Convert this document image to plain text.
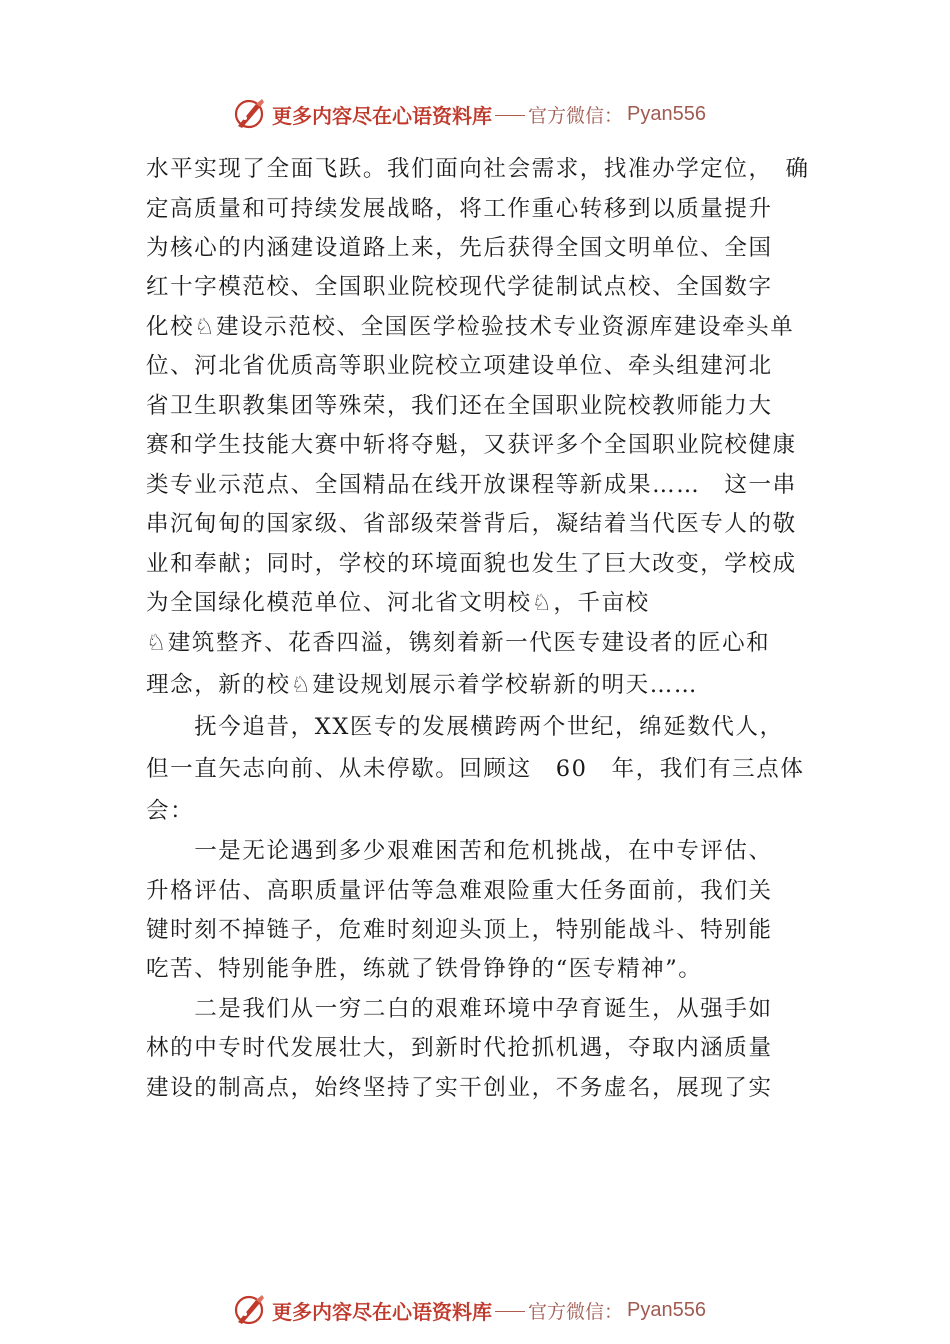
更多内容尽在心语资料库 官方微信： Pyan556
水平实现了全面飞跃。我们面向社会需求，找准办学定位，　确
定高质量和可持续发展战略，将工作重心转移到以质量提升
为核心的内涵建设道路上来，先后获得全国文明单位、全国
红十字模范校、全国职业院校现代学徒制试点校、全国数字
化校♘建设示范校、全国医学检验技术专业资源库建设牵头单
位、河北省优质高等职业院校立项建设单位、牵头组建河北
省卫生职教集团等殊荣，我们还在全国职业院校教师能力大
赛和学生技能大赛中斩将夺魁，又获评多个全国职业院校健康
类专业示范点、全国精品在线开放课程等新成果……　这一串
串沉甸甸的国家级、省部级荣誉背后，凝结着当代医专人的敬
业和奉献；同时，学校的环境面貌也发生了巨大改变，学校成
为全国绿化模范单位、河北省文明校♘，千亩校
♘建筑整齐、花香四溢，镌刻着新一代医专建设者的匠心和
理念，新的校♘建设规划展示着学校崭新的明天……
　　抚今追昔，XX医专的发展横跨两个世纪，绵延数代人，
但一直矢志向前、从未停歇。回顾这　60　年，我们有三点体
会：
　　一是无论遇到多少艰难困苦和危机挑战，在中专评估、
升格评估、高职质量评估等急难艰险重大任务面前，我们关
键时刻不掉链子，危难时刻迎头顶上，特别能战斗、特别能
吃苦、特别能争胜，练就了铁骨铮铮的“医专精神”。
　　二是我们从一穷二白的艰难环境中孕育诞生，从强手如
林的中专时代发展壮大，到新时代抢抓机遇，夺取内涵质量
建设的制高点，始终坚持了实干创业，不务虚名，展现了实
更多内容尽在心语资料库 官方微信： Pyan556
